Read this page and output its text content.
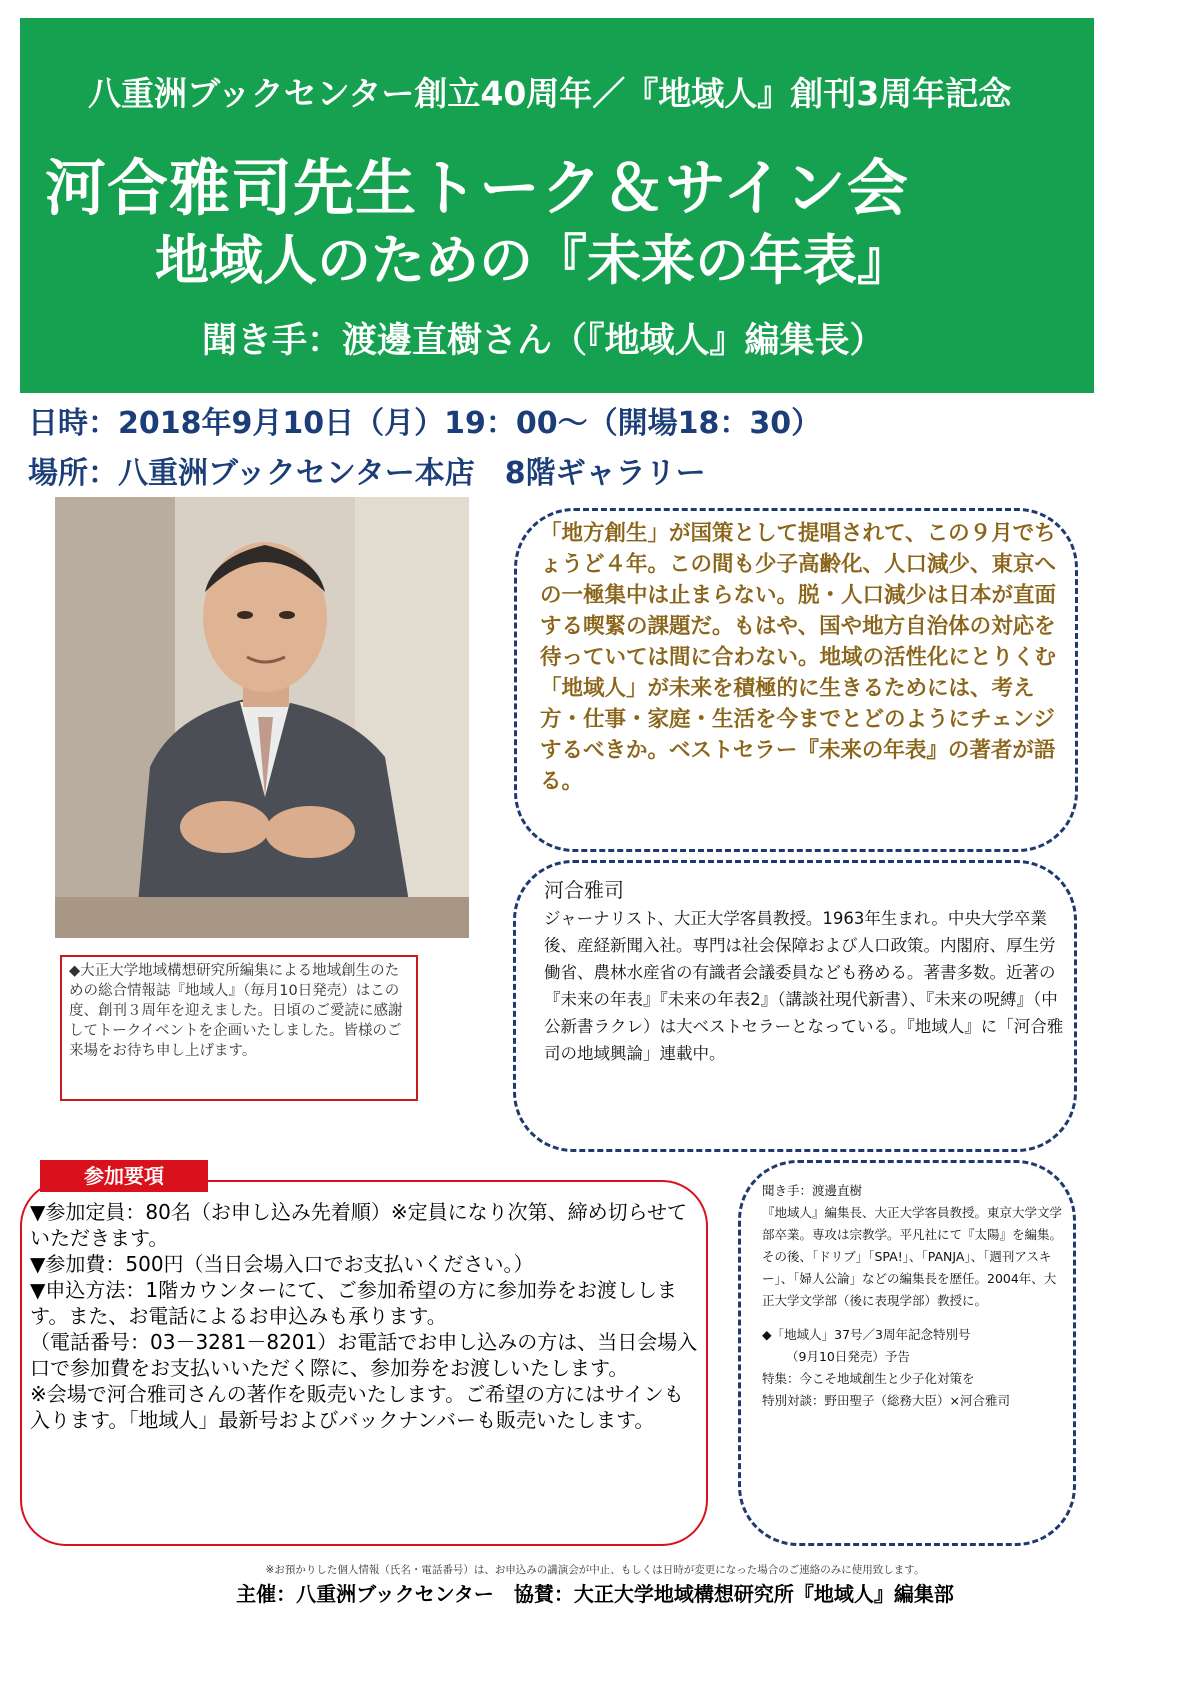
八重洲ブックセンター創立40周年／『地域人』創刊3周年記念
河合雅司先生トーク＆サイン会
地域人のための『未来の年表』
聞き手：渡邊直樹さん（『地域人』編集長）
日時：2018年9月10日（月）19：00～（開場18：30）
場所：八重洲ブックセンター本店　8階ギャラリー
◆大正大学地域構想研究所編集による地域創生のための総合情報誌『地域人』（毎月10日発売）はこの度、創刊３周年を迎えました。日頃のご愛読に感謝してトークイベントを企画いたしました。皆様のご来場をお待ち申し上げます。
「地方創生」が国策として提唱されて、この９月でちょうど４年。この間も少子高齢化、人口減少、東京への一極集中は止まらない。脱・人口減少は日本が直面する喫緊の課題だ。もはや、国や地方自治体の対応を待っていては間に合わない。地域の活性化にとりくむ「地域人」が未来を積極的に生きるためには、考え方・仕事・家庭・生活を今までとどのようにチェンジするべきか。ベストセラー『未来の年表』の著者が語る。
河合雅司
ジャーナリスト、大正大学客員教授。1963年生まれ。中央大学卒業後、産経新聞入社。専門は社会保障および人口政策。内閣府、厚生労働省、農林水産省の有識者会議委員なども務める。著書多数。近著の『未来の年表』『未来の年表2』（講談社現代新書）、『未来の呪縛』（中公新書ラクレ）は大ベストセラーとなっている。『地域人』に「河合雅司の地域興論」連載中。
参加要項

▼参加定員：80名（お申し込み先着順）※定員になり次第、締め切らせていただきます。

▼参加費：500円（当日会場入口でお支払いください。）

▼申込方法：1階カウンターにて、ご参加希望の方に参加券をお渡しします。また、お電話によるお申込みも承ります。

（電話番号：03－3281－8201）お電話でお申し込みの方は、当日会場入口で参加費をお支払いいただく際に、参加券をお渡しいたします。

※会場で河合雅司さんの著作を販売いたします。ご希望の方にはサインも入ります。「地域人」最新号およびバックナンバーも販売いたします。

聞き手：渡邊直樹

『地域人』編集長、大正大学客員教授。東京大学文学部卒業。専攻は宗教学。平凡社にて『太陽』を編集。その後、「ドリブ」「SPA!」、「PANJA」、「週刊アスキー」、「婦人公論」などの編集長を歴任。2004年、大正大学文学部（後に表現学部）教授に。

◆「地域人」37号／3周年記念特別号

（9月10日発売）予告

特集：今こそ地域創生と少子化対策を

特別対談：野田聖子（総務大臣）×河合雅司

※お預かりした個人情報（氏名・電話番号）は、お申込みの講演会が中止、もしくは日時が変更になった場合のご連絡のみに使用致します。
主催：八重洲ブックセンター　協賛：大正大学地域構想研究所『地域人』編集部
